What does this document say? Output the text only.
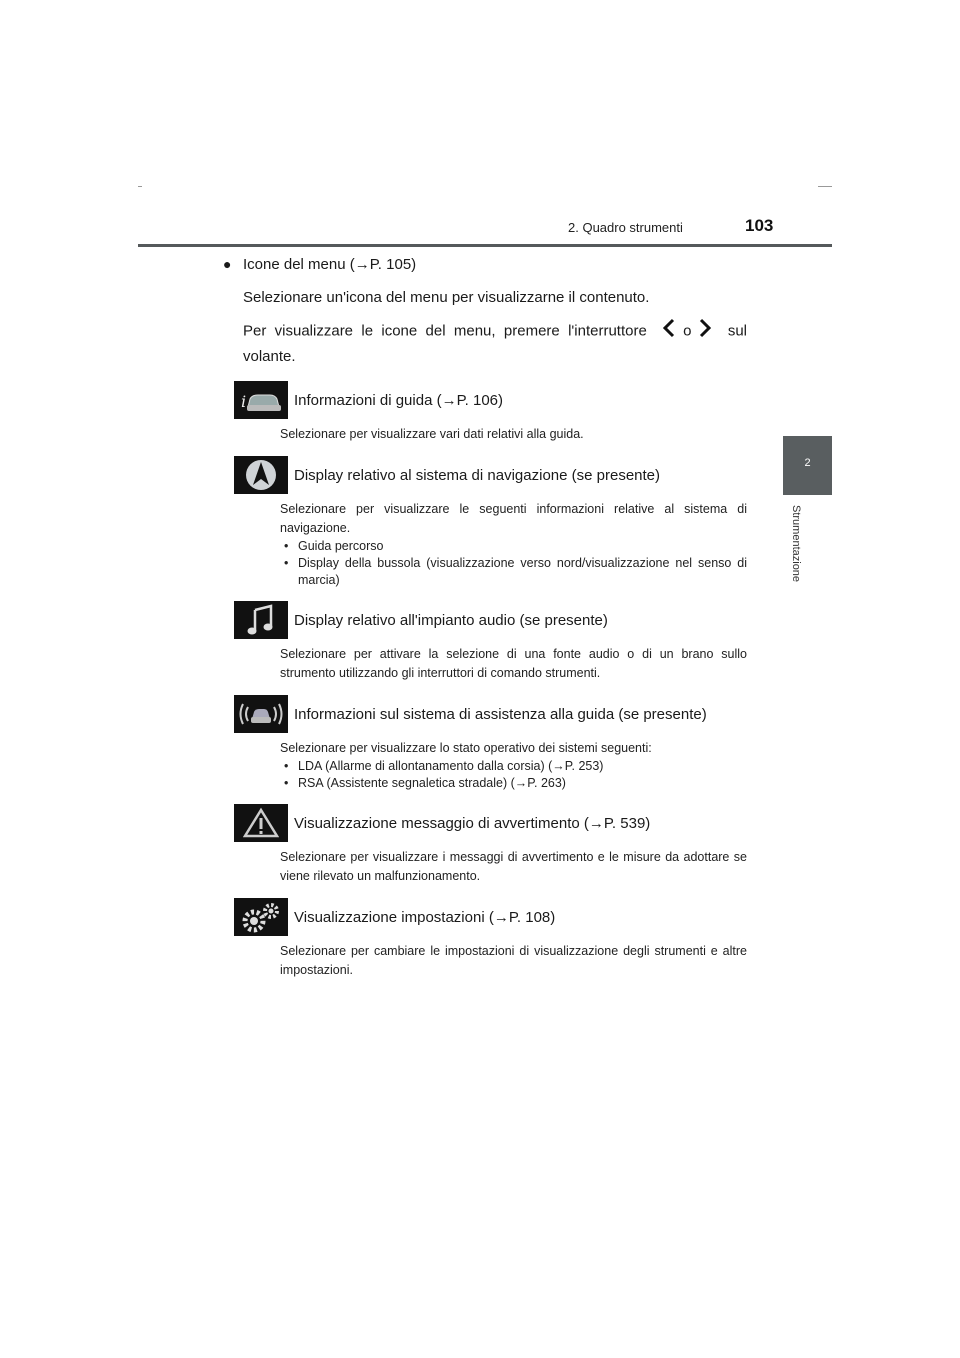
2. Quadro strumenti	103
2
Strumentazione
● Icone del menu (→P. 105)

Selezionare un'icona del menu per visualizzarne il contenuto.

Per visualizzare le icone del menu, premere l'interruttore o sul volante.

i	Informazioni di guida (→P. 106)
Selezionare per visualizzare vari dati relativi alla guida.
Display relativo al sistema di navigazione (se presente)
Selezionare per visualizzare le seguenti informazioni relative al sistema di navigazione.
• Guida percorso
• Display della bussola (visualizzazione verso nord/visualizzazione nel senso di marcia)
Display relativo all'impianto audio (se presente)
Selezionare per attivare la selezione di una fonte audio o di un brano sullo strumento utilizzando gli interruttori di comando strumenti.
Informazioni sul sistema di assistenza alla guida (se presente)
Selezionare per visualizzare lo stato operativo dei sistemi seguenti:
• LDA (Allarme di allontanamento dalla corsia) (→P. 253)
• RSA (Assistente segnaletica stradale) (→P. 263)
Visualizzazione messaggio di avvertimento (→P. 539)
Selezionare per visualizzare i messaggi di avvertimento e le misure da adottare se viene rilevato un malfunzionamento.
Visualizzazione impostazioni (→P. 108)
Selezionare per cambiare le impostazioni di visualizzazione degli strumenti e altre impostazioni.
